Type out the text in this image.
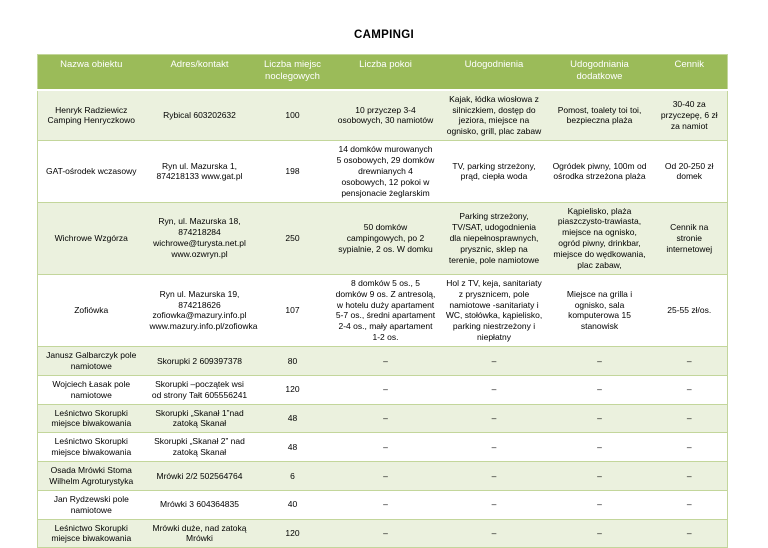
CAMPINGI
Nazwa obiektu	Adres/kontakt	Liczba miejsc noclegowych	Liczba pokoi	Udogodnienia	Udogodniania dodatkowe	Cennik
Henryk Radziewicz Camping Henryczkowo	Rybical 603202632	100	10 przyczep 3-4 osobowych, 30 namiotów	Kajak, łódka wiosłowa z silniczkiem, dostęp do jeziora, miejsce na ognisko, grill, plac zabaw	Pomost, toalety toi toi, bezpieczna plaża	30-40 za przyczepę, 6 zł za namiot
GAT-ośrodek wczasowy	Ryn ul. Mazurska 1, 874218133 www.gat.pl	198	14 domków murowanych 5 osobowych, 29 domków drewnianych 4 osobowych, 12 pokoi w pensjonacie żeglarskim	TV, parking strzeżony, prąd, ciepła woda	Ogródek piwny, 100m od ośrodka strzeżona plaża	Od 20-250 zł domek
Wichrowe Wzgórza	Ryn, ul. Mazurska 18, 874218284 wichrowe@turysta.net.pl www.ozwryn.pl	250	50 domków campingowych, po 2 sypialnie, 2 os. W domku	Parking strzeżony, TV/SAT, udogodnienia dla niepełnosprawnych, prysznic, sklep na terenie, pole namiotowe	Kąpielisko, plaża piaszczysto-trawiasta, miejsce na ognisko, ogród piwny, drinkbar, miejsce do wędkowania, plac zabaw,	Cennik na stronie internetowej
Zofiówka	Ryn ul. Mazurska 19, 874218626 zofiowka@mazury.info.pl www.mazury.info.pl/zofiowka	107	8 domków 5 os., 5 domków 9 os. Z antresolą, w hotelu duży apartament 5-7 os., średni apartament 2-4 os., mały apartament 1-2 os.	Hol z TV, keja, sanitariaty z prysznicem, pole namiotowe -sanitariaty i WC, stołówka, kąpielisko, parking niestrzeżony i niepłatny	Miejsce na grilla i ognisko, sala komputerowa 15 stanowisk	25-55 zł/os.
Janusz Galbarczyk pole namiotowe	Skorupki 2 609397378	80	–	–	–	–
Wojciech Łasak pole namiotowe	Skorupki –początek wsi od strony Tałt 605556241	120	–	–	–	–
Leśnictwo Skorupki miejsce biwakowania	Skorupki „Skanał 1”nad zatoką Skanał	48	–	–	–	–
Leśnictwo Skorupki miejsce biwakowania	Skorupki „Skanał 2” nad zatoką Skanał	48	–	–	–	–
Osada Mrówki Stoma Wilhelm Agroturystyka	Mrówki 2/2 502564764	6	–	–	–	–
Jan Rydzewski pole namiotowe	Mrówki 3 604364835	40	–	–	–	–
Leśnictwo Skorupki miejsce biwakowania	Mrówki duże, nad zatoką Mrówki	120	–	–	–	–
